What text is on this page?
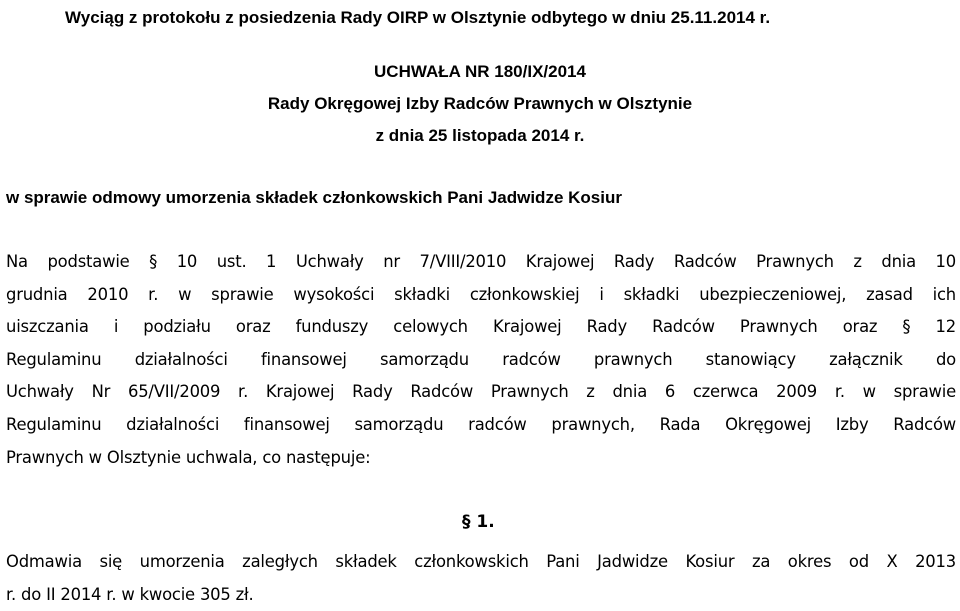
Wyciąg z protokołu z posiedzenia Rady OIRP w Olsztynie odbytego w dniu 25.11.2014 r.
UCHWAŁA NR 180/IX/2014
Rady Okręgowej Izby Radców Prawnych w Olsztynie
z dnia 25 listopada 2014 r.
w sprawie odmowy umorzenia składek członkowskich Pani Jadwidze Kosiur
Na podstawie § 10 ust. 1 Uchwały nr 7/VIII/2010 Krajowej Rady Radców Prawnych z dnia 10
grudnia 2010 r. w sprawie wysokości składki członkowskiej i składki ubezpieczeniowej, zasad ich
uiszczania i podziału oraz funduszy celowych Krajowej Rady Radców Prawnych oraz § 12
Regulaminu działalności finansowej samorządu radców prawnych stanowiący załącznik do
Uchwały Nr 65/VII/2009 r. Krajowej Rady Radców Prawnych z dnia 6 czerwca 2009 r. w sprawie
Regulaminu działalności finansowej samorządu radców prawnych, Rada Okręgowej Izby Radców
Prawnych w Olsztynie uchwala, co następuje:
§ 1.
Odmawia się umorzenia zaległych składek członkowskich Pani Jadwidze Kosiur za okres od X 2013
r. do II 2014 r. w kwocie 305 zł.
